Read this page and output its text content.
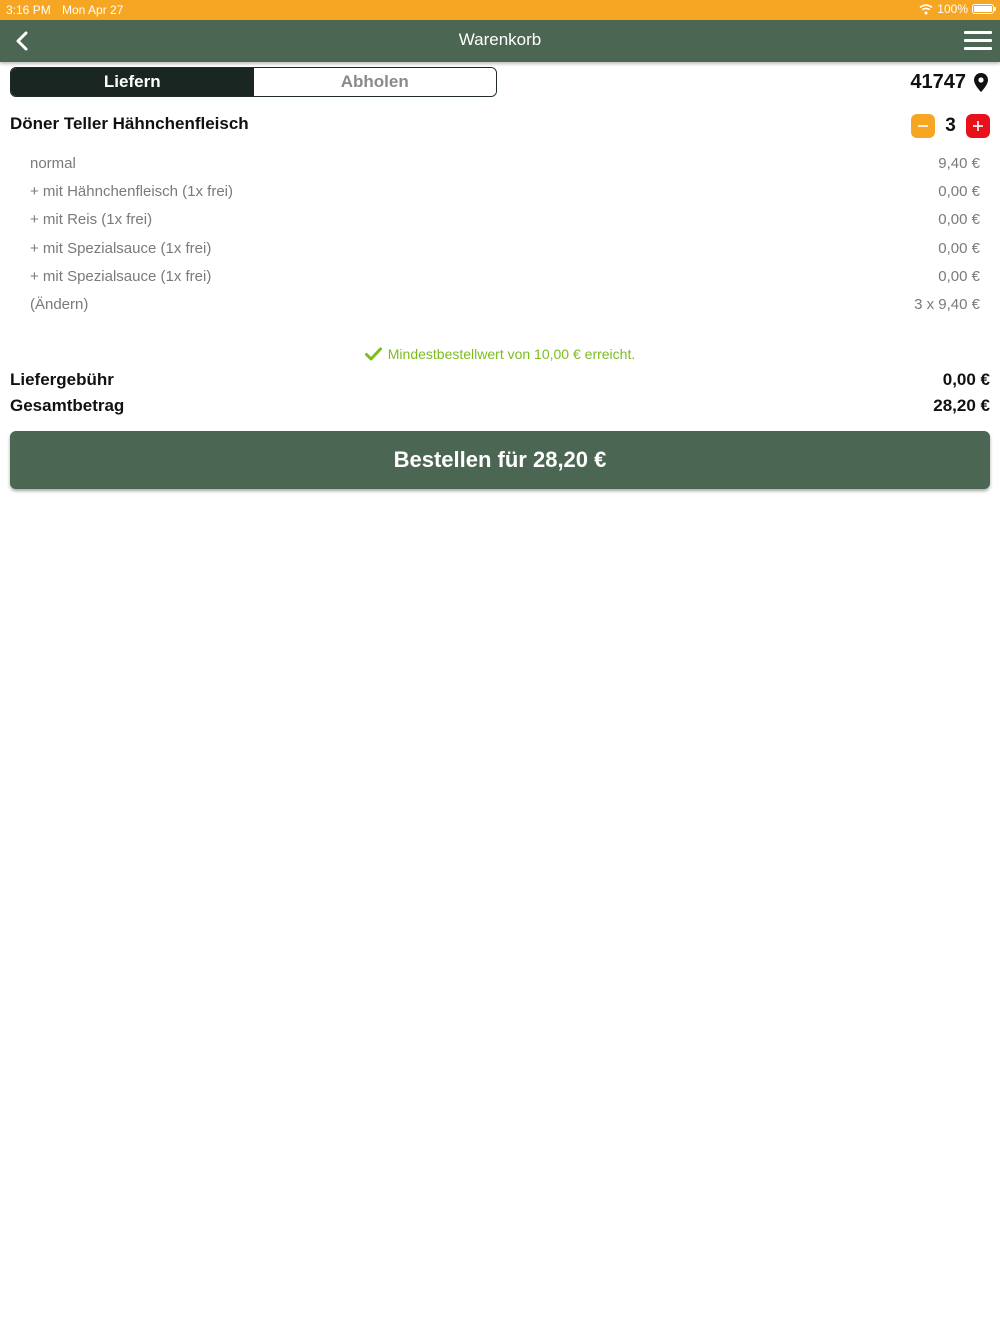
3:16 PM Mon Apr 27	100%
Warenkorb
Liefern	Abholen	41747
Döner Teller Hähnchenfleisch	3
normal	9,40 €
+ mit Hähnchenfleisch (1x frei)	0,00 €
+ mit Reis (1x frei)	0,00 €
+ mit Spezialsauce (1x frei)	0,00 €
+ mit Spezialsauce (1x frei)	0,00 €
(Ändern)	3 x 9,40 €
Mindestbestellwert von 10,00 € erreicht.
Liefergebühr	0,00 €
Gesamtbetrag	28,20 €
Bestellen für 28,20 €
